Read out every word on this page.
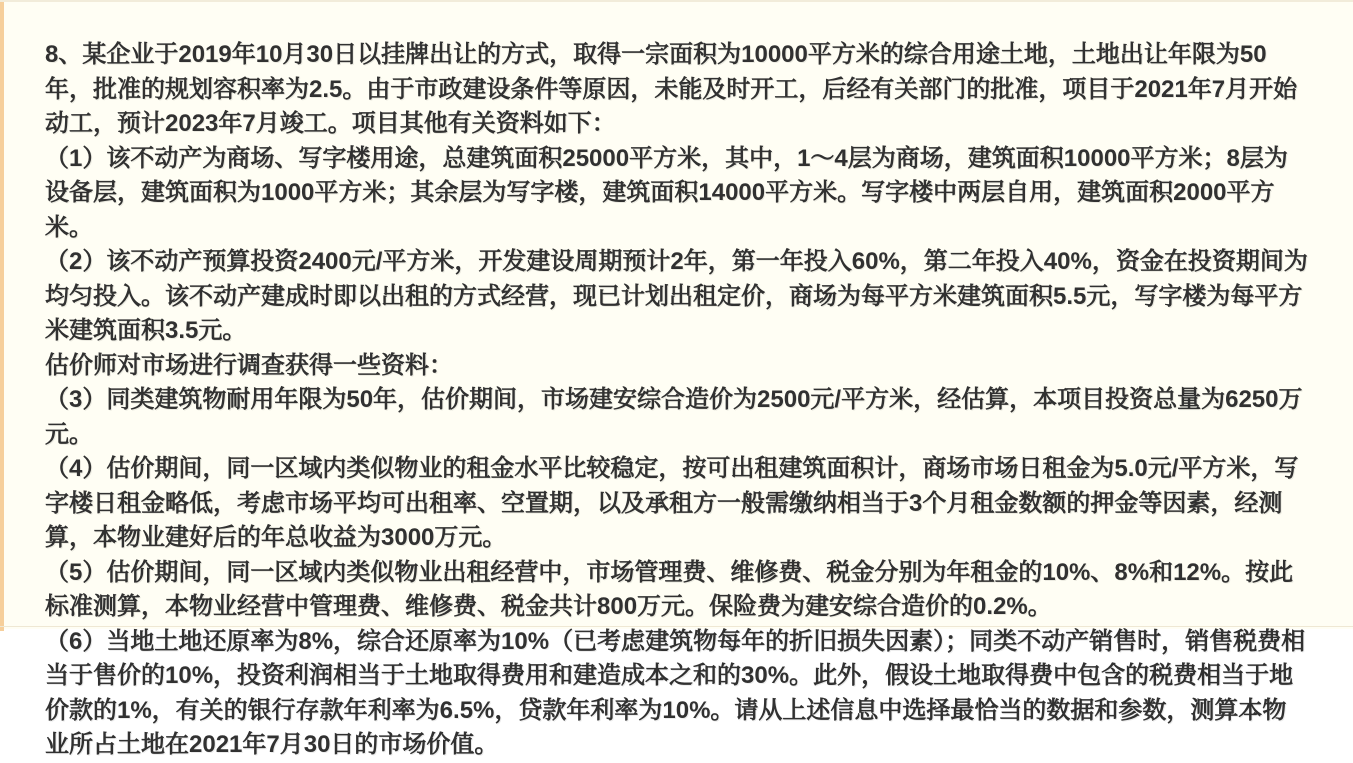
8、某企业于2019年10月30日以挂牌出让的方式，取得一宗面积为10000平方米的综合用途土地，土地出让年限为50年，批准的规划容积率为2.5。由于市政建设条件等原因，未能及时开工，后经有关部门的批准，项目于2021年7月开始动工，预计2023年7月竣工。项目其他有关资料如下：

（1）该不动产为商场、写字楼用途，总建筑面积25000平方米，其中，1～4层为商场，建筑面积10000平方米；8层为设备层，建筑面积为1000平方米；其余层为写字楼，建筑面积14000平方米。写字楼中两层自用，建筑面积2000平方米。

（2）该不动产预算投资2400元/平方米，开发建设周期预计2年，第一年投入60%，第二年投入40%，资金在投资期间为均匀投入。该不动产建成时即以出租的方式经营，现已计划出租定价，商场为每平方米建筑面积5.5元，写字楼为每平方米建筑面积3.5元。

估价师对市场进行调查获得一些资料：

（3）同类建筑物耐用年限为50年，估价期间，市场建安综合造价为2500元/平方米，经估算，本项目投资总量为6250万元。

（4）估价期间，同一区域内类似物业的租金水平比较稳定，按可出租建筑面积计，商场市场日租金为5.0元/平方米，写字楼日租金略低，考虑市场平均可出租率、空置期，以及承租方一般需缴纳相当于3个月租金数额的押金等因素，经测算，本物业建好后的年总收益为3000万元。

（5）估价期间，同一区域内类似物业出租经营中，市场管理费、维修费、税金分别为年租金的10%、8%和12%。按此标准测算，本物业经营中管理费、维修费、税金共计800万元。保险费为建安综合造价的0.2%。

（6）当地土地还原率为8%，综合还原率为10%（已考虑建筑物每年的折旧损失因素）；同类不动产销售时，销售税费相当于售价的10%，投资利润相当于土地取得费用和建造成本之和的30%。此外，假设土地取得费中包含的税费相当于地价款的1%，有关的银行存款年利率为6.5%，贷款年利率为10%。请从上述信息中选择最恰当的数据和参数，测算本物业所占土地在2021年7月30日的市场价值。
